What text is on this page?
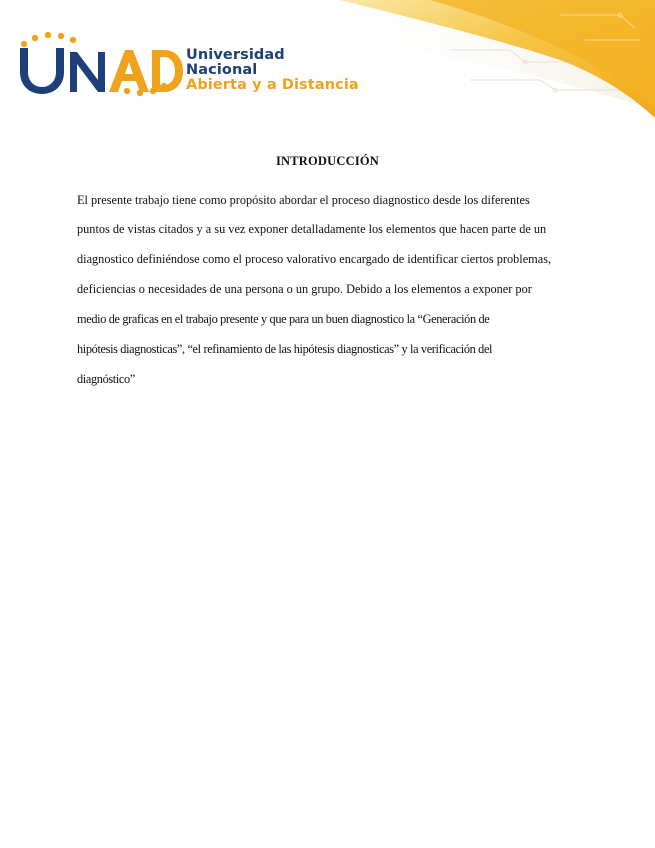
Universidad Nacional
Abierta y a Distancia
INTRODUCCIÓN
El presente trabajo tiene como propósito abordar el proceso diagnostico desde los diferentes
puntos de vistas citados y a su vez exponer detalladamente los elementos que hacen parte de un
diagnostico definiéndose como el proceso valorativo encargado de identificar ciertos problemas,
deficiencias o necesidades de una persona o un grupo. Debido a los elementos a exponer por
medio de graficas en el trabajo presente y que para un buen diagnostico la “Generación de
hipótesis diagnosticas”, “el refinamiento de las hipótesis diagnosticas” y la verificación del
diagnóstico”
